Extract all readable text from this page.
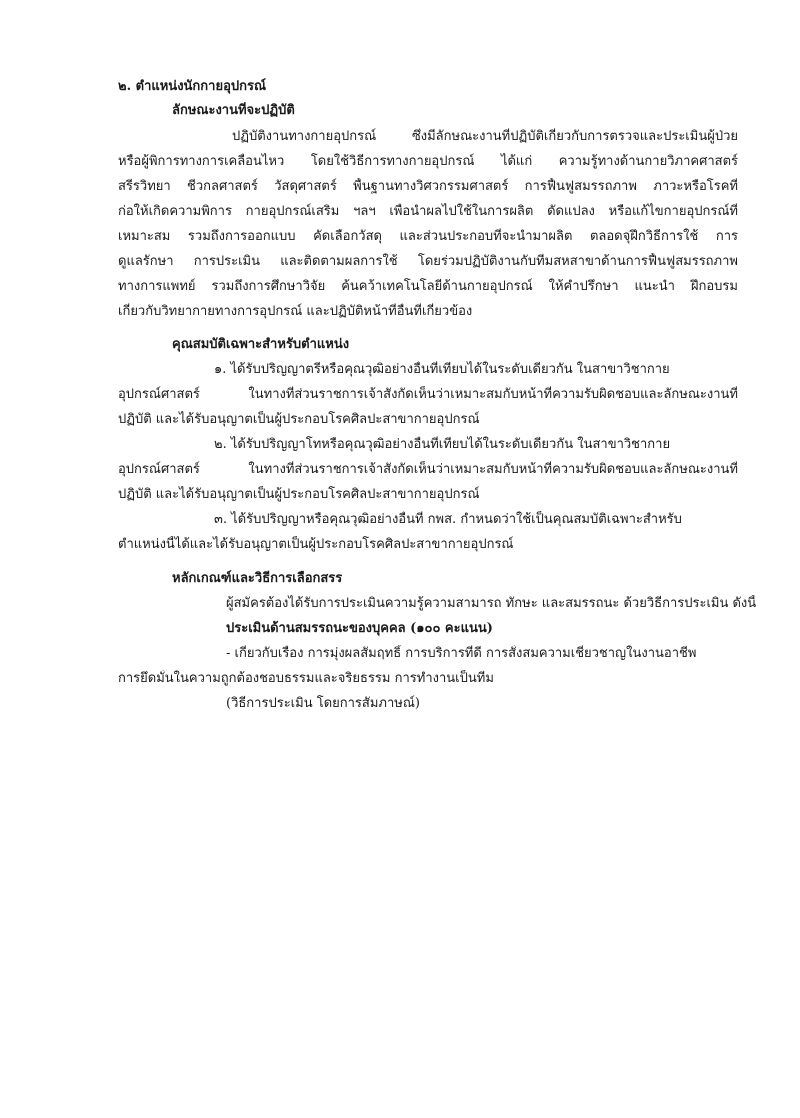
๒. ตำแหน่งนักกายอุปกรณ์
ลักษณะงานที่จะปฏิบัติ
ปฏิบัติงานทางกายอุปกรณ์ ซึ่งมีลักษณะงานที่ปฏิบัติเกี่ยวกับการตรวจและประเมินผู้ป่วย
หรือผู้พิการทางการเคลื่อนไหว โดยใช้วิธีการทางกายอุปกรณ์ ได้แก่ ความรู้ทางด้านกายวิภาคศาสตร์
สรีรวิทยา ชีวกลศาสตร์ วัสดุศาสตร์ พื้นฐานทางวิศวกรรมศาสตร์ การฟื้นฟูสมรรถภาพ ภาวะหรือโรคที่
ก่อให้เกิดความพิการ กายอุปกรณ์เสริม ฯลฯ เพื่อนำผลไปใช้ในการผลิต ดัดแปลง หรือแก้ไขกายอุปกรณ์ที่
เหมาะสม รวมถึงการออกแบบ คัดเลือกวัสดุ และส่วนประกอบที่จะนำมาผลิต ตลอดจุฝึกวิธีการใช้ การ
ดูแลรักษา การประเมิน และติดตามผลการใช้ โดยร่วมปฏิบัติงานกับทีมสหสาขาด้านการฟื้นฟูสมรรถภาพ
ทางการแพทย์ รวมถึงการศึกษาวิจัย ค้นคว้าเทคโนโลยีด้านกายอุปกรณ์ ให้คำปรึกษา แนะนำ ฝึกอบรม
เกี่ยวกับวิทยากายทางการอุปกรณ์ และปฏิบัติหน้าที่อื่นที่เกี่ยวข้อง
คุณสมบัติเฉพาะสำหรับตำแหน่ง
๑. ได้รับปริญญาตรีหรือคุณวุฒิอย่างอื่นที่เทียบได้ในระดับเดียวกัน ในสาขาวิชากาย
อุปกรณ์ศาสตร์ ในทางที่ส่วนราชการเจ้าสังกัดเห็นว่าเหมาะสมกับหน้าที่ความรับผิดชอบและลักษณะงานที่
ปฏิบัติ และได้รับอนุญาตเป็นผู้ประกอบโรคศิลปะสาขากายอุปกรณ์
๒. ได้รับปริญญาโทหรือคุณวุฒิอย่างอื่นที่เทียบได้ในระดับเดียวกัน ในสาขาวิชากาย
อุปกรณ์ศาสตร์ ในทางที่ส่วนราชการเจ้าสังกัดเห็นว่าเหมาะสมกับหน้าที่ความรับผิดชอบและลักษณะงานที่
ปฏิบัติ และได้รับอนุญาตเป็นผู้ประกอบโรคศิลปะสาขากายอุปกรณ์
๓. ได้รับปริญญาหรือคุณวุฒิอย่างอื่นที่ กพส. กำหนดว่าใช้เป็นคุณสมบัติเฉพาะสำหรับ
ตำแหน่งนี้ได้และได้รับอนุญาตเป็นผู้ประกอบโรคศิลปะสาขากายอุปกรณ์
หลักเกณฑ์และวิธีการเลือกสรร
ผู้สมัครต้องได้รับการประเมินความรู้ความสามารถ ทักษะ และสมรรถนะ ด้วยวิธีการประเมิน ดังนี้
ประเมินด้านสมรรถนะของบุคคล (๑๐๐ คะแนน)
- เกี่ยวกับเรื่อง การมุ่งผลสัมฤทธิ์ การบริการที่ดี การสั่งสมความเชี่ยวชาญในงานอาชีพ
การยึดมั่นในความถูกต้องชอบธรรมและจริยธรรม การทำงานเป็นทีม
(วิธีการประเมิน โดยการสัมภาษณ์)
